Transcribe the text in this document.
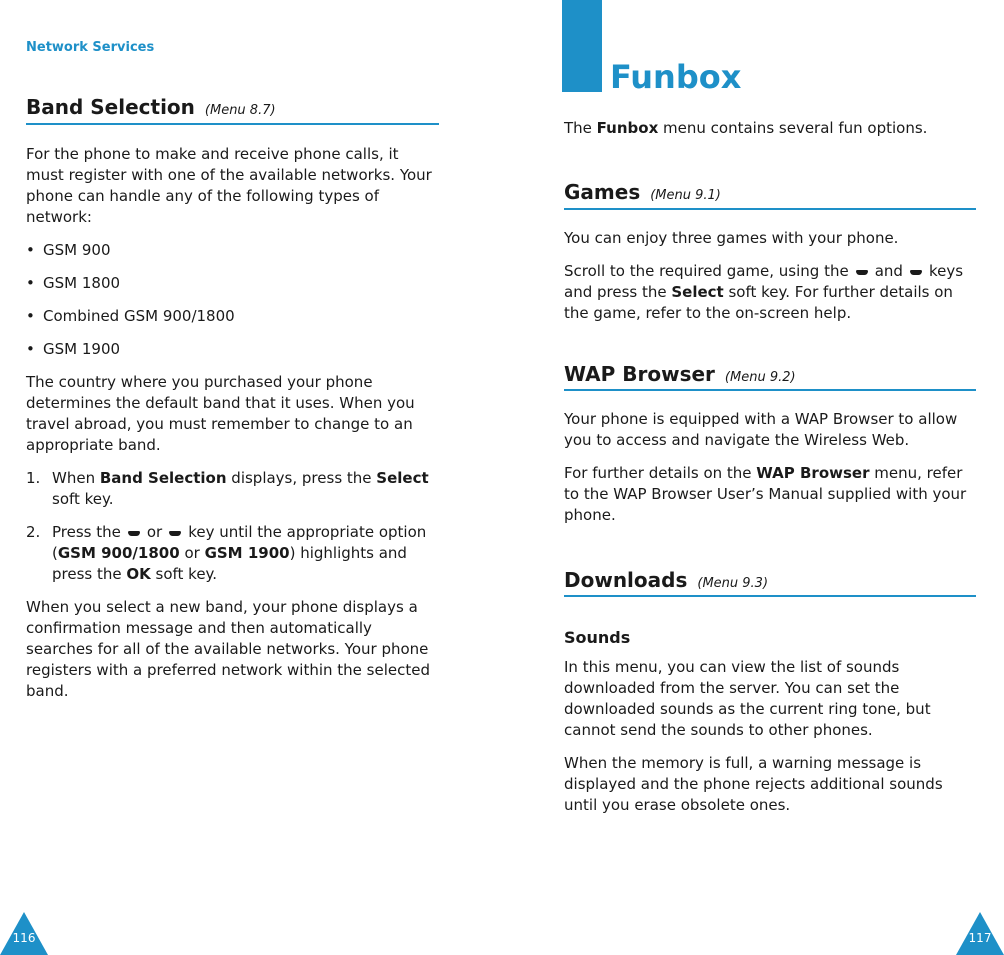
Network Services
Band Selection (Menu 8.7)

For the phone to make and receive phone calls, it must register with one of the available networks. Your phone can handle any of the following types of network:

• GSM 900
• GSM 1800
• Combined GSM 900/1800
• GSM 1900

The country where you purchased your phone determines the default band that it uses. When you travel abroad, you must remember to change to an appropriate band.

1. When Band Selection displays, press the Select soft key.
2. Press the or key until the appropriate option (GSM 900/1800 or GSM 1900) highlights and press the OK soft key.

When you select a new band, your phone displays a confirmation message and then automatically searches for all of the available networks. Your phone registers with a preferred network within the selected band.

116
Funbox
The Funbox menu contains several fun options.
Games (Menu 9.1)

You can enjoy three games with your phone.

Scroll to the required game, using the and keys and press the Select soft key. For further details on the game, refer to the on-screen help.

WAP Browser (Menu 9.2)

Your phone is equipped with a WAP Browser to allow you to access and navigate the Wireless Web.

For further details on the WAP Browser menu, refer to the WAP Browser User’s Manual supplied with your phone.

Downloads (Menu 9.3)

Sounds

In this menu, you can view the list of sounds downloaded from the server. You can set the downloaded sounds as the current ring tone, but cannot send the sounds to other phones.

When the memory is full, a warning message is displayed and the phone rejects additional sounds until you erase obsolete ones.

117
